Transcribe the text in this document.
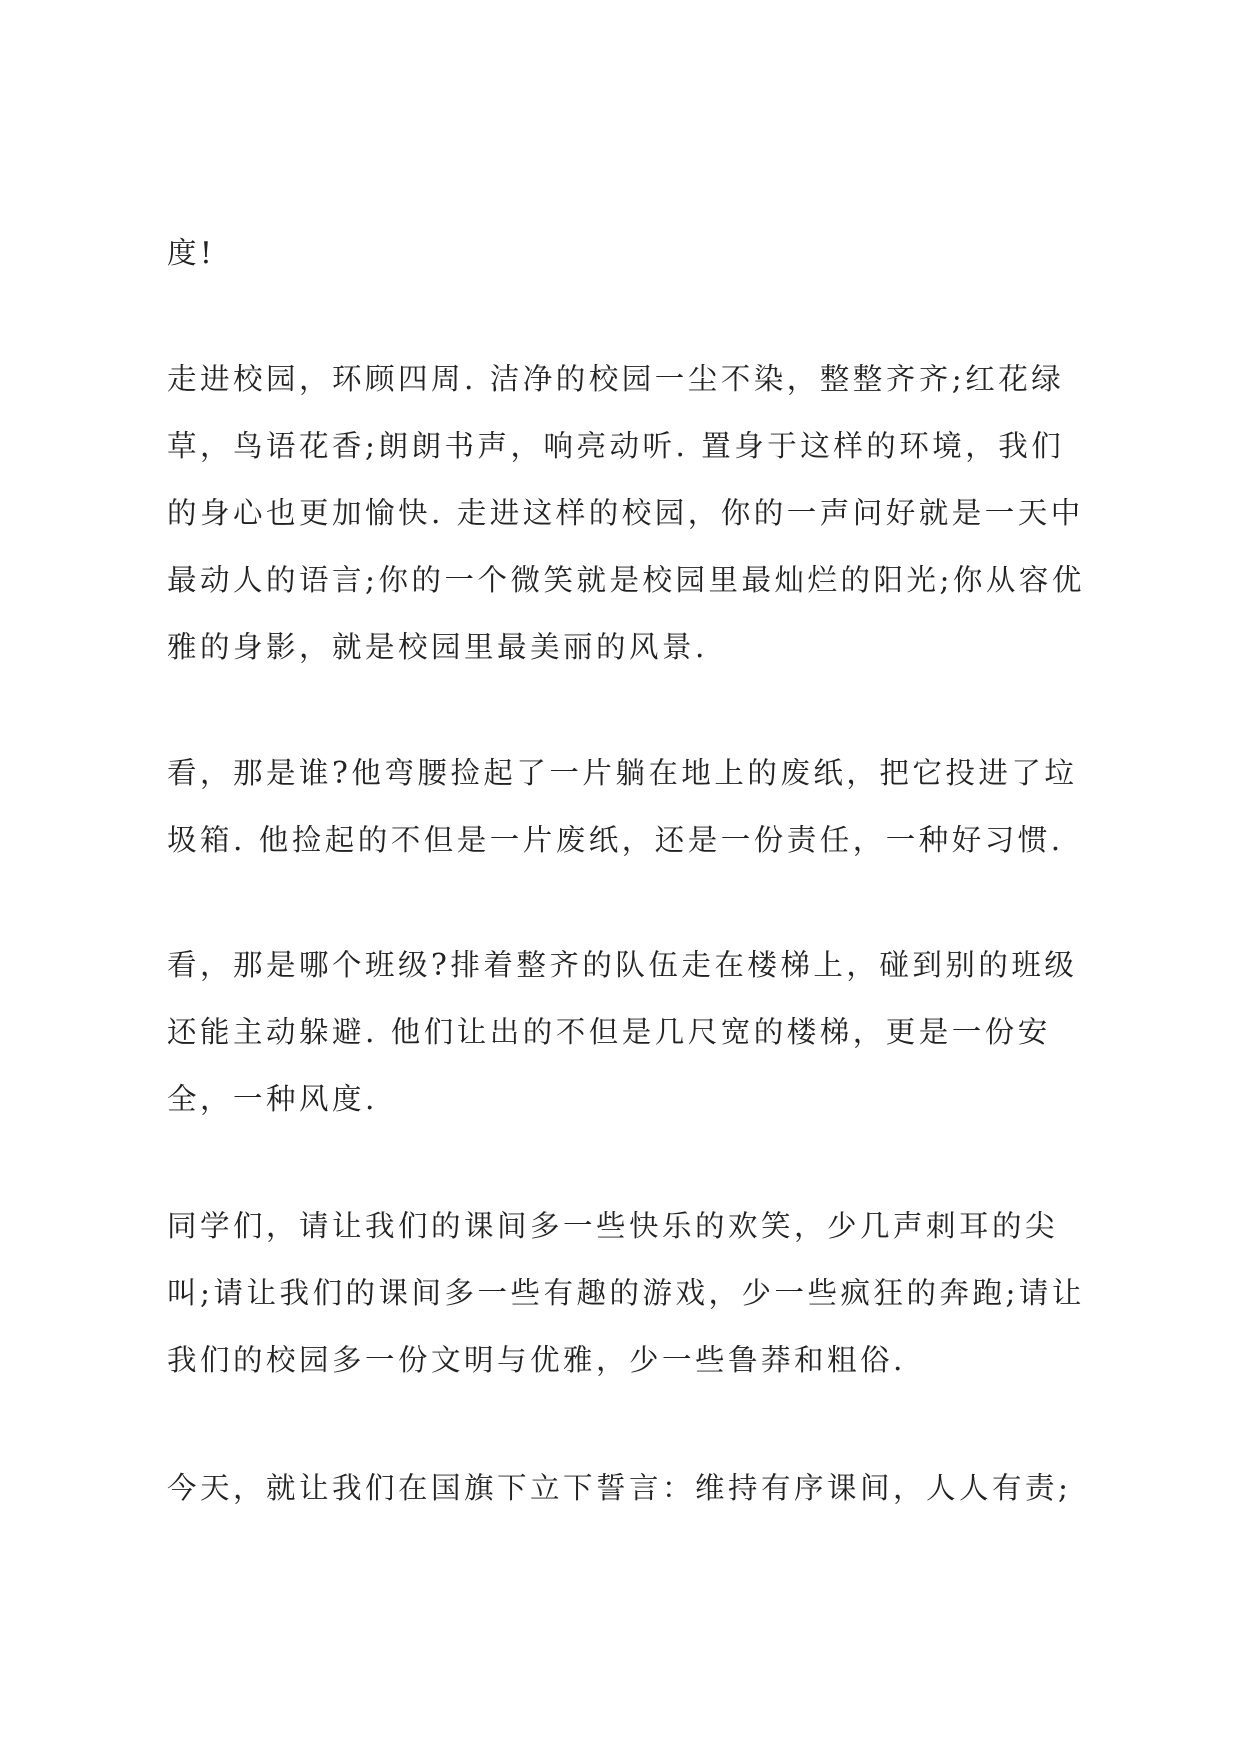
度!
走进校园，环顾四周. 洁净的校园一尘不染，整整齐齐;红花绿
草，鸟语花香;朗朗书声，响亮动听. 置身于这样的环境，我们
的身心也更加愉快. 走进这样的校园，你的一声问好就是一天中
最动人的语言;你的一个微笑就是校园里最灿烂的阳光;你从容优
雅的身影，就是校园里最美丽的风景.
看，那是谁?他弯腰捡起了一片躺在地上的废纸，把它投进了垃
圾箱. 他捡起的不但是一片废纸，还是一份责任，一种好习惯.
看，那是哪个班级?排着整齐的队伍走在楼梯上，碰到别的班级
还能主动躲避. 他们让出的不但是几尺宽的楼梯，更是一份安
全，一种风度.
同学们，请让我们的课间多一些快乐的欢笑，少几声刺耳的尖
叫;请让我们的课间多一些有趣的游戏，少一些疯狂的奔跑;请让
我们的校园多一份文明与优雅，少一些鲁莽和粗俗.
今天，就让我们在国旗下立下誓言：维持有序课间，人人有责;
